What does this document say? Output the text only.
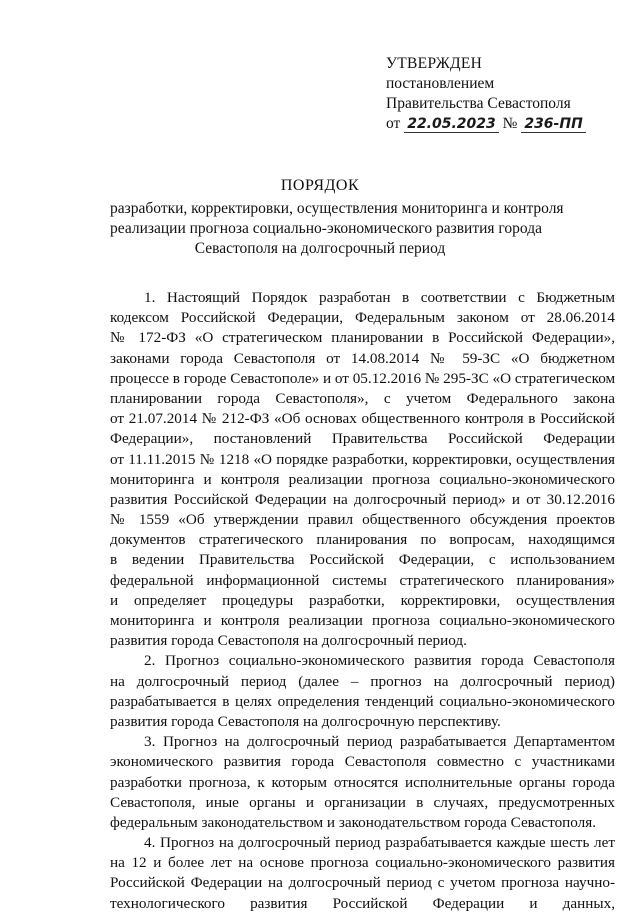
УТВЕРЖДЕН
постановлением
Правительства Севастополя
от 22.05.2023 № 236-ПП
ПОРЯДОК
разработки, корректировки, осуществления мониторинга и контроля
реализации прогноза социально-экономического развития города
Севастополя на долгосрочный период
1. Настоящий Порядок разработан в соответствии с Бюджетным
кодексом Российской Федерации, Федеральным законом от 28.06.2014
№ 172-ФЗ «О стратегическом планировании в Российской Федерации»,
законами города Севастополя от 14.08.2014 № 59-ЗС «О бюджетном
процессе в городе Севастополе» и от 05.12.2016 № 295-ЗС «О стратегическом
планировании города Севастополя», с учетом Федерального закона
от 21.07.2014 № 212-ФЗ «Об основах общественного контроля в Российской
Федерации», постановлений Правительства Российской Федерации
от 11.11.2015 № 1218 «О порядке разработки, корректировки, осуществления
мониторинга и контроля реализации прогноза социально-экономического
развития Российской Федерации на долгосрочный период» и от 30.12.2016
№ 1559 «Об утверждении правил общественного обсуждения проектов
документов стратегического планирования по вопросам, находящимся
в ведении Правительства Российской Федерации, с использованием
федеральной информационной системы стратегического планирования»
и определяет процедуры разработки, корректировки, осуществления
мониторинга и контроля реализации прогноза социально-экономического
развития города Севастополя на долгосрочный период.
2. Прогноз социально-экономического развития города Севастополя
на долгосрочный период (далее – прогноз на долгосрочный период)
разрабатывается в целях определения тенденций социально-экономического
развития города Севастополя на долгосрочную перспективу.
3. Прогноз на долгосрочный период разрабатывается Департаментом
экономического развития города Севастополя совместно с участниками
разработки прогноза, к которым относятся исполнительные органы города
Севастополя, иные органы и организации в случаях, предусмотренных
федеральным законодательством и законодательством города Севастополя.
4. Прогноз на долгосрочный период разрабатывается каждые шесть лет
на 12 и более лет на основе прогноза социально-экономического развития
Российской Федерации на долгосрочный период с учетом прогноза научно-
технологического развития Российской Федерации и данных,
